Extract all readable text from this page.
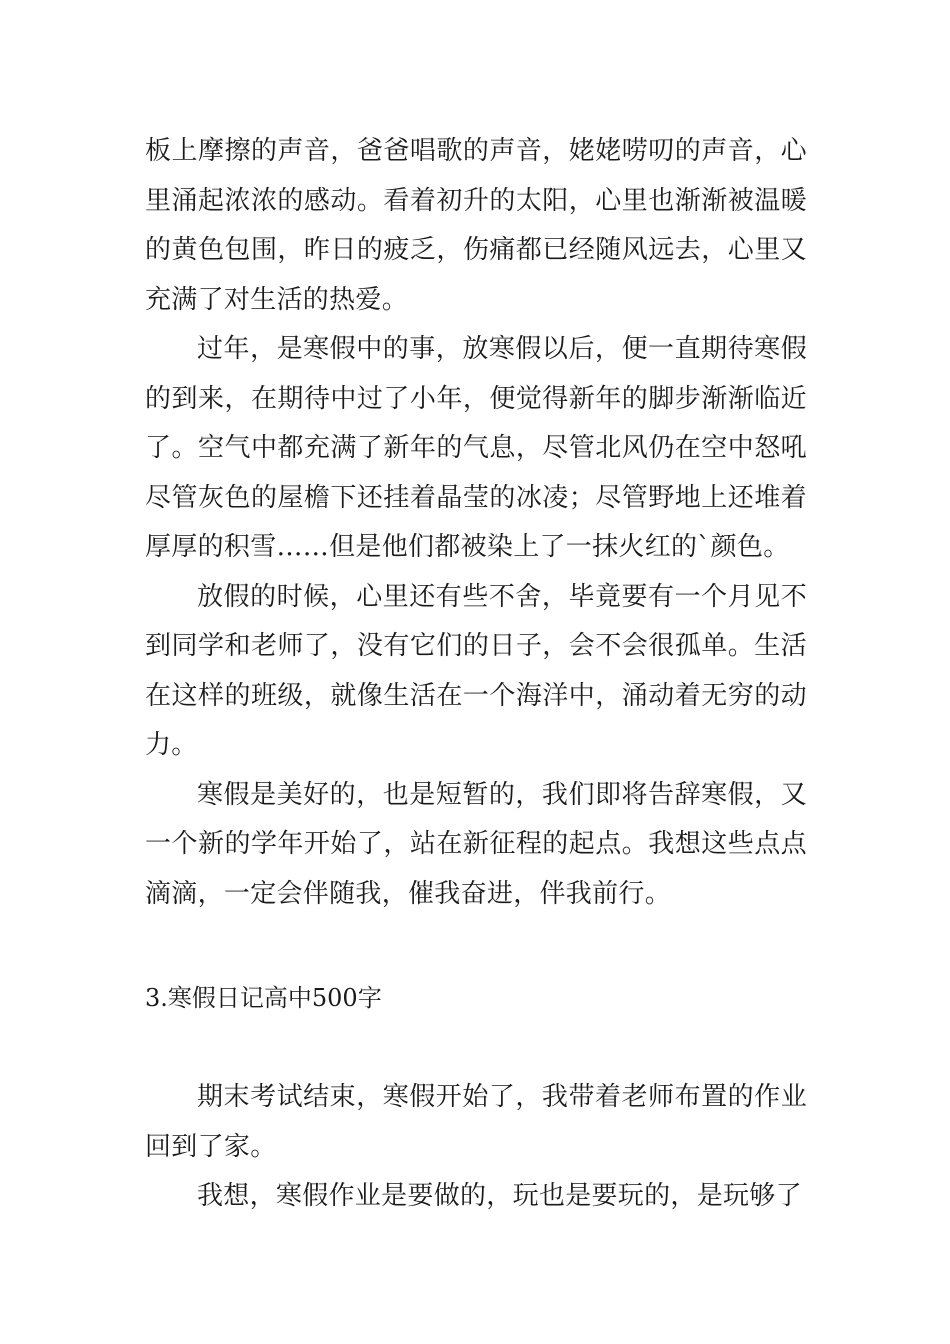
板上摩擦的声音，爸爸唱歌的声音，姥姥唠叨的声音，心里涌起浓浓的感动。看着初升的太阳，心里也渐渐被温暖的黄色包围，昨日的疲乏，伤痛都已经随风远去，心里又充满了对生活的热爱。

过年，是寒假中的事，放寒假以后，便一直期待寒假的到来，在期待中过了小年，便觉得新年的脚步渐渐临近了。空气中都充满了新年的气息，尽管北风仍在空中怒吼尽管灰色的屋檐下还挂着晶莹的冰凌；尽管野地上还堆着厚厚的积雪……但是他们都被染上了一抹火红的`颜色。

放假的时候，心里还有些不舍，毕竟要有一个月见不到同学和老师了，没有它们的日子，会不会很孤单。生活在这样的班级，就像生活在一个海洋中，涌动着无穷的动力。

寒假是美好的，也是短暂的，我们即将告辞寒假，又一个新的学年开始了，站在新征程的起点。我想这些点点滴滴，一定会伴随我，催我奋进，伴我前行。

3.寒假日记高中500字

期末考试结束，寒假开始了，我带着老师布置的作业回到了家。

我想，寒假作业是要做的，玩也是要玩的，是玩够了
